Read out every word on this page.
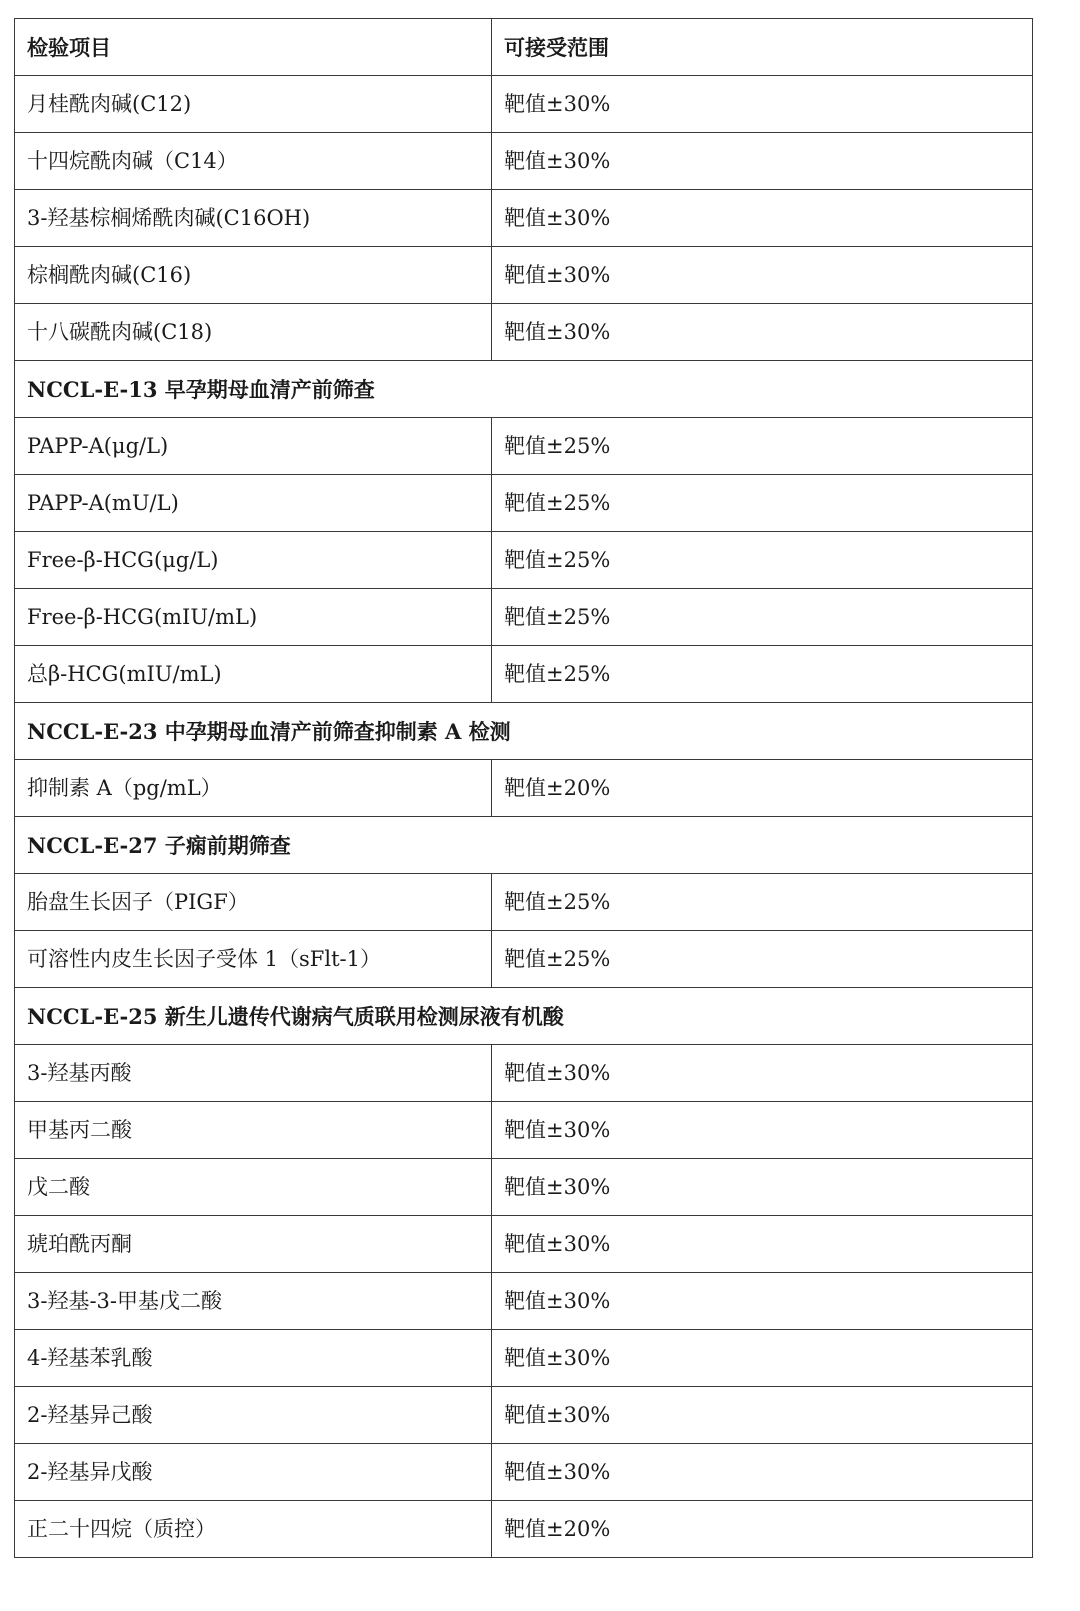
检验项目	可接受范围
月桂酰肉碱(C12)	靶值±30%
十四烷酰肉碱（C14）	靶值±30%
3-羟基棕榈烯酰肉碱(C16OH)	靶值±30%
棕榈酰肉碱(C16)	靶值±30%
十八碳酰肉碱(C18)	靶值±30%
NCCL-E-13 早孕期母血清产前筛查	
PAPP-A(μg/L)	靶值±25%
PAPP-A(mU/L)	靶值±25%
Free-β-HCG(μg/L)	靶值±25%
Free-β-HCG(mIU/mL)	靶值±25%
总β-HCG(mIU/mL)	靶值±25%
NCCL-E-23 中孕期母血清产前筛查抑制素 A 检测	
抑制素 A（pg/mL）	靶值±20%
NCCL-E-27 子痫前期筛查	
胎盘生长因子（PIGF）	靶值±25%
可溶性内皮生长因子受体 1（sFlt-1）	靶值±25%
NCCL-E-25 新生儿遗传代谢病气质联用检测尿液有机酸	
3-羟基丙酸	靶值±30%
甲基丙二酸	靶值±30%
戊二酸	靶值±30%
琥珀酰丙酮	靶值±30%
3-羟基-3-甲基戊二酸	靶值±30%
4-羟基苯乳酸	靶值±30%
2-羟基异己酸	靶值±30%
2-羟基异戊酸	靶值±30%
正二十四烷（质控）	靶值±20%
